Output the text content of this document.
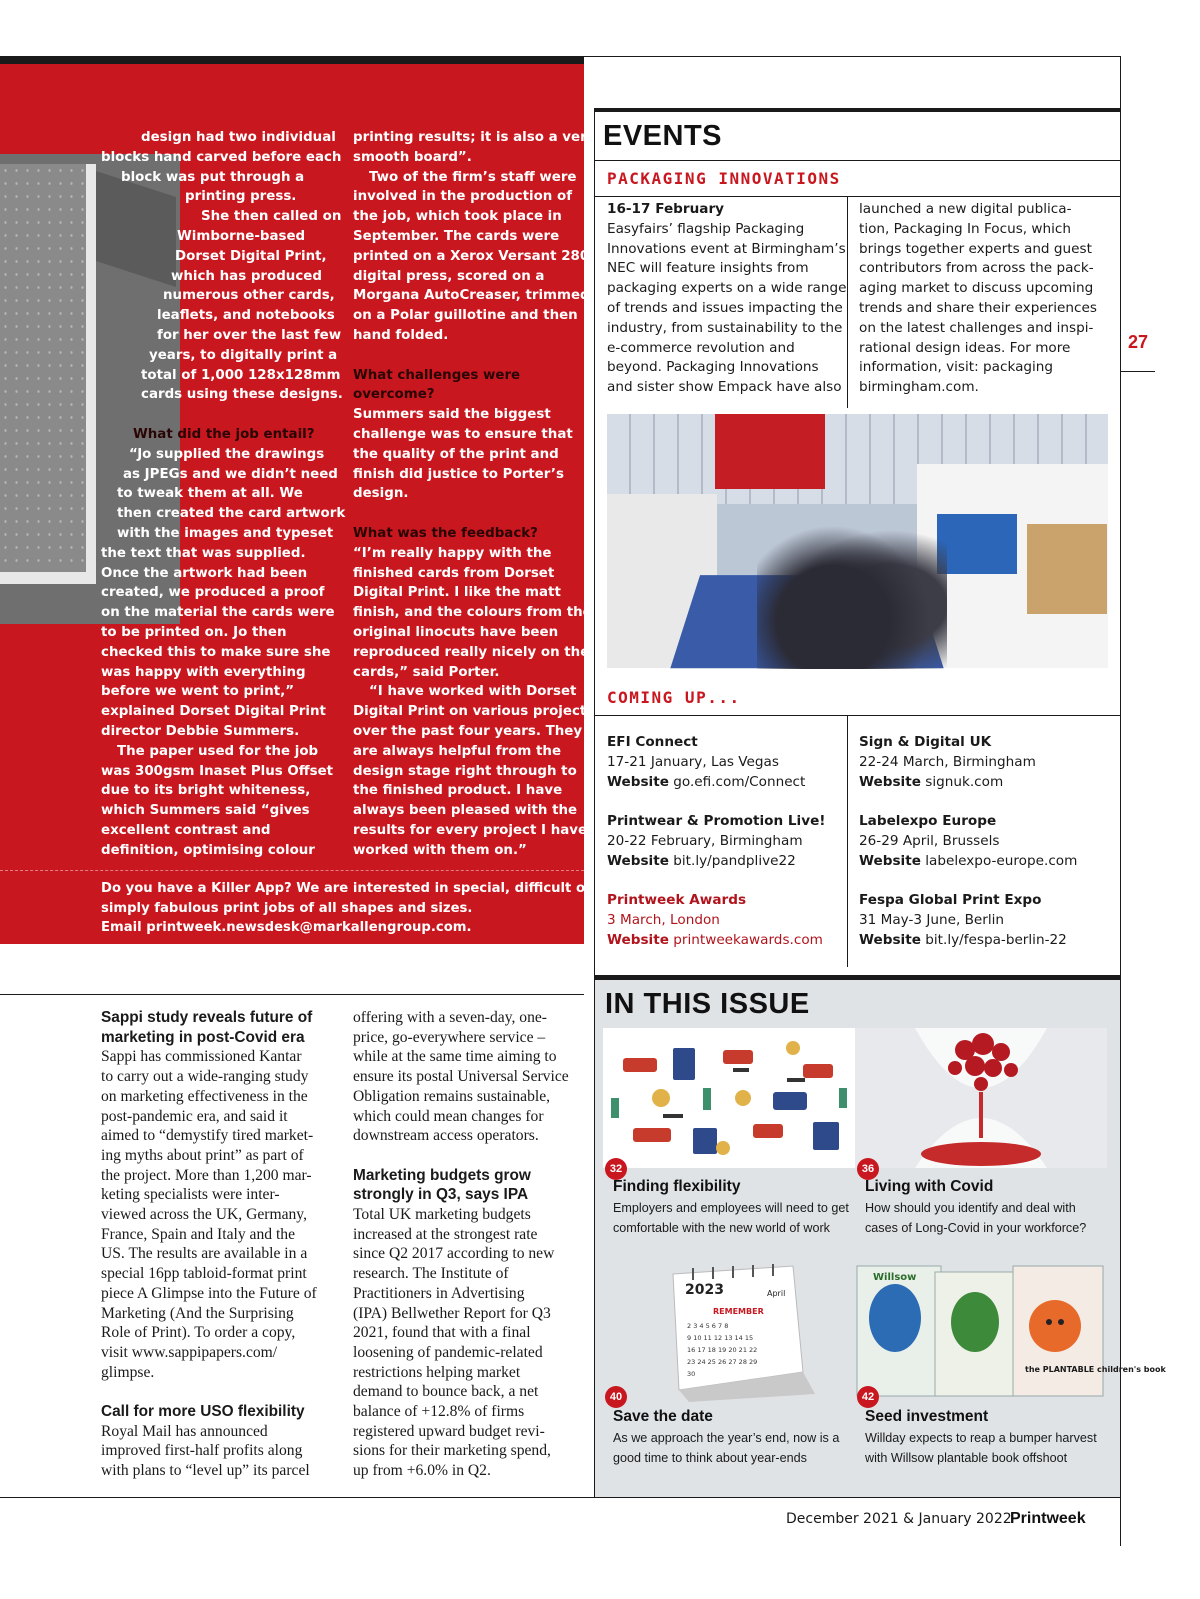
design had two individual

blocks hand carved before each

block was put through a

printing press.

She then called on

Wimborne-based

Dorset Digital Print,

which has produced

numerous other cards,

leaflets, and notebooks

for her over the last few

years, to digitally print a

total of 1,000 128x128mm

cards using these designs.

What did the job entail?

“Jo supplied the drawings

as JPEGs and we didn’t need

to tweak them at all. We

then created the card artwork

with the images and typeset

the text that was supplied.

Once the artwork had been

created, we produced a proof

on the material the cards were

to be printed on. Jo then

checked this to make sure she

was happy with everything

before we went to print,”

explained Dorset Digital Print

director Debbie Summers.

The paper used for the job

was 300gsm Inaset Plus Offset

due to its bright whiteness,

which Summers said “gives

excellent contrast and

definition, optimising colour

printing results; it is also a very

smooth board”.

Two of the firm’s staff were

involved in the production of

the job, which took place in

September. The cards were

printed on a Xerox Versant 280

digital press, scored on a

Morgana AutoCreaser, trimmed

on a Polar guillotine and then

hand folded.

What challenges were

overcome?

Summers said the biggest

challenge was to ensure that

the quality of the print and

finish did justice to Porter’s

design.

What was the feedback?

“I’m really happy with the

finished cards from Dorset

Digital Print. I like the matt

finish, and the colours from the

original linocuts have been

reproduced really nicely on the

cards,” said Porter.

“I have worked with Dorset

Digital Print on various projects

over the past four years. They

are always helpful from the

design stage right through to

the finished product. I have

always been pleased with the

results for every project I have

worked with them on.”

Do you have a Killer App? We are interested in special, difficult or

simply fabulous print jobs of all shapes and sizes.

Email printweek.newsdesk@markallengroup.com.

EVENTS
PACKAGING INNOVATIONS

16-17 February

Easyfairs’ flagship Packaging

Innovations event at Birmingham’s

NEC will feature insights from

packaging experts on a wide range

of trends and issues impacting the

industry, from sustainability to the

e-commerce revolution and

beyond. Packaging Innovations

and sister show Empack have also

launched a new digital publica-

tion, Packaging In Focus, which

brings together experts and guest

contributors from across the pack-

aging market to discuss upcoming

trends and share their experiences

on the latest challenges and inspi-

rational design ideas. For more

information, visit: packaging

birmingham.com.

COMING UP...

EFI Connect

17-21 January, Las Vegas

Website go.efi.com/Connect

Printwear & Promotion Live!

20-22 February, Birmingham

Website bit.ly/pandplive22

Printweek Awards

3 March, London

Website printweekawards.com

Sign & Digital UK

22-24 March, Birmingham

Website signuk.com

Labelexpo Europe

26-29 April, Brussels

Website labelexpo-europe.com

Fespa Global Print Expo

31 May-3 June, Berlin

Website bit.ly/fespa-berlin-22

IN THIS ISSUE
32
Finding flexibility

Employers and employees will need to get

comfortable with the new world of work

36
Living with Covid

How should you identify and deal with

cases of Long-Covid in your workforce?

2023	April
REMEMBER
2 3 4 5 6 7 8
9 10 11 12 13 14 15
16 17 18 19 20 21 22
23 24 25 26 27 28 29
30
40
Save the date

As we approach the year’s end, now is a

good time to think about year-ends

Willsow
the PLANTABLE children's book
42
Seed investment

Willday expects to reap a bumper harvest

with Willsow plantable book offshoot

Sappi study reveals future of

marketing in post-Covid era

Sappi has commissioned Kantar

to carry out a wide-ranging study

on marketing effectiveness in the

post-pandemic era, and said it

aimed to “demystify tired market-

ing myths about print” as part of

the project. More than 1,200 mar-

keting specialists were inter-

viewed across the UK, Germany,

France, Spain and Italy and the

US. The results are available in a

special 16pp tabloid-format print

piece A Glimpse into the Future of

Marketing (And the Surprising

Role of Print). To order a copy,

visit www.sappipapers.com/

glimpse.

Call for more USO flexibility

Royal Mail has announced

improved first-half profits along

with plans to “level up” its parcel

offering with a seven-day, one-

price, go-everywhere service –

while at the same time aiming to

ensure its postal Universal Service

Obligation remains sustainable,

which could mean changes for

downstream access operators.

Marketing budgets grow

strongly in Q3, says IPA

Total UK marketing budgets

increased at the strongest rate

since Q2 2017 according to new

research. The Institute of

Practitioners in Advertising

(IPA) Bellwether Report for Q3

2021, found that with a final

loosening of pandemic-related

restrictions helping market

demand to bounce back, a net

balance of +12.8% of firms

registered upward budget revi-

sions for their marketing spend,

up from +6.0% in Q2.

27
December 2021 & January 2022
Printweek
